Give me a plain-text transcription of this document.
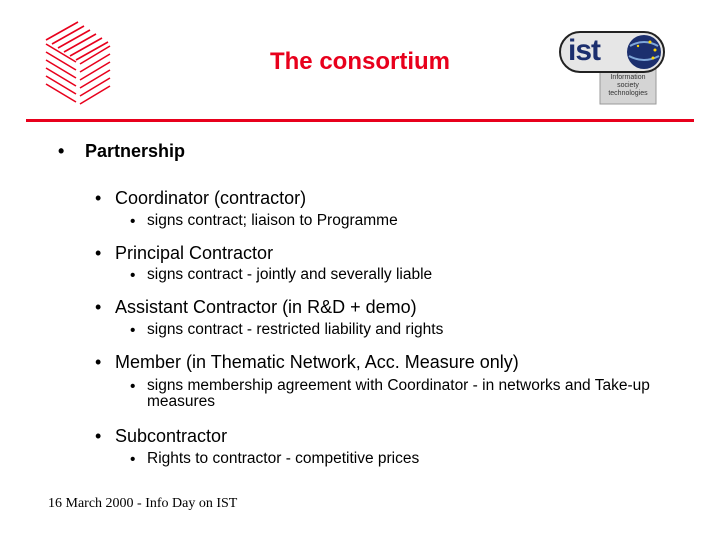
The consortium	ist
Information
society
technologies
• Partnership
• Coordinator (contractor)
• signs contract; liaison to Programme
• Principal Contractor
• signs contract - jointly and severally liable
• Assistant Contractor (in R&D + demo)
• signs contract - restricted liability and rights
• Member (in Thematic Network, Acc. Measure only)
• signs membership agreement with Coordinator - in networks and Take-up measures
• Subcontractor
• Rights to contractor - competitive prices
16 March 2000 - Info Day on IST
